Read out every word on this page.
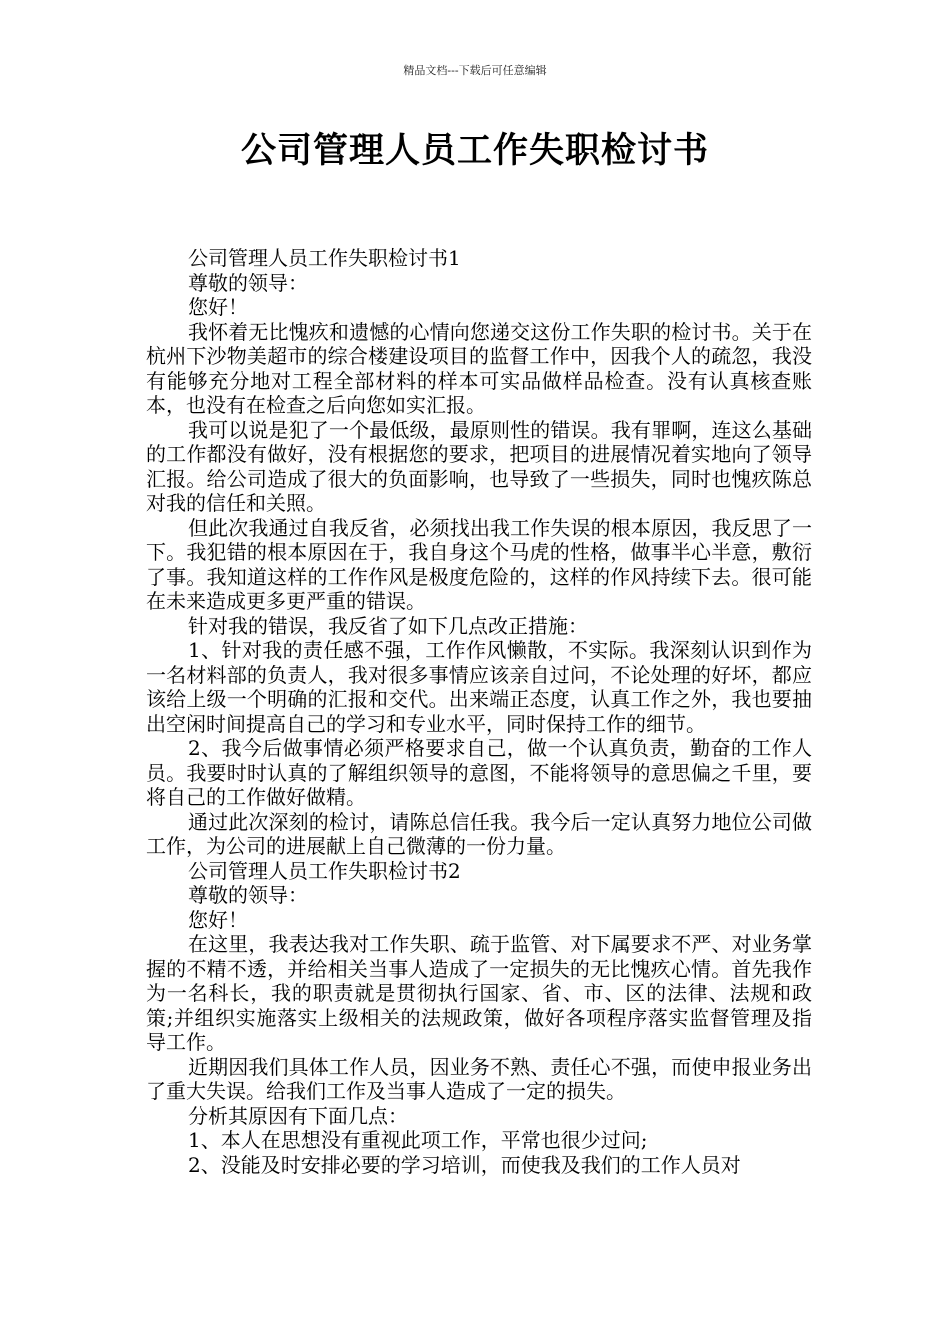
精品文档---下载后可任意编辑
公司管理人员工作失职检讨书

公司管理人员工作失职检讨书1

尊敬的领导：

您好！

我怀着无比愧疚和遗憾的心情向您递交这份工作失职的检讨书。关于在杭州下沙物美超市的综合楼建设项目的监督工作中，因我个人的疏忽，我没有能够充分地对工程全部材料的样本可实品做样品检查。没有认真核查账本，也没有在检查之后向您如实汇报。

我可以说是犯了一个最低级，最原则性的错误。我有罪啊，连这么基础的工作都没有做好，没有根据您的要求，把项目的进展情况着实地向了领导汇报。给公司造成了很大的负面影响，也导致了一些损失，同时也愧疚陈总对我的信任和关照。

但此次我通过自我反省，必须找出我工作失误的根本原因，我反思了一下。我犯错的根本原因在于，我自身这个马虎的性格，做事半心半意，敷衍了事。我知道这样的工作作风是极度危险的，这样的作风持续下去。很可能在未来造成更多更严重的错误。

针对我的错误，我反省了如下几点改正措施：

1、针对我的责任感不强，工作作风懒散，不实际。我深刻认识到作为一名材料部的负责人，我对很多事情应该亲自过问，不论处理的好坏，都应该给上级一个明确的汇报和交代。出来端正态度，认真工作之外，我也要抽出空闲时间提高自己的学习和专业水平，同时保持工作的细节。

2、我今后做事情必须严格要求自己，做一个认真负责，勤奋的工作人员。我要时时认真的了解组织领导的意图，不能将领导的意思偏之千里，要将自己的工作做好做精。

通过此次深刻的检讨，请陈总信任我。我今后一定认真努力地位公司做工作，为公司的进展献上自己微薄的一份力量。

公司管理人员工作失职检讨书2

尊敬的领导：

您好！

在这里，我表达我对工作失职、疏于监管、对下属要求不严、对业务掌握的不精不透，并给相关当事人造成了一定损失的无比愧疚心情。首先我作为一名科长，我的职责就是贯彻执行国家、省、市、区的法律、法规和政策;并组织实施落实上级相关的法规政策，做好各项程序落实监督管理及指导工作。

近期因我们具体工作人员，因业务不熟、责任心不强，而使申报业务出了重大失误。给我们工作及当事人造成了一定的损失。

分析其原因有下面几点：

1、本人在思想没有重视此项工作，平常也很少过问;

2、没能及时安排必要的学习培训，而使我及我们的工作人员对
